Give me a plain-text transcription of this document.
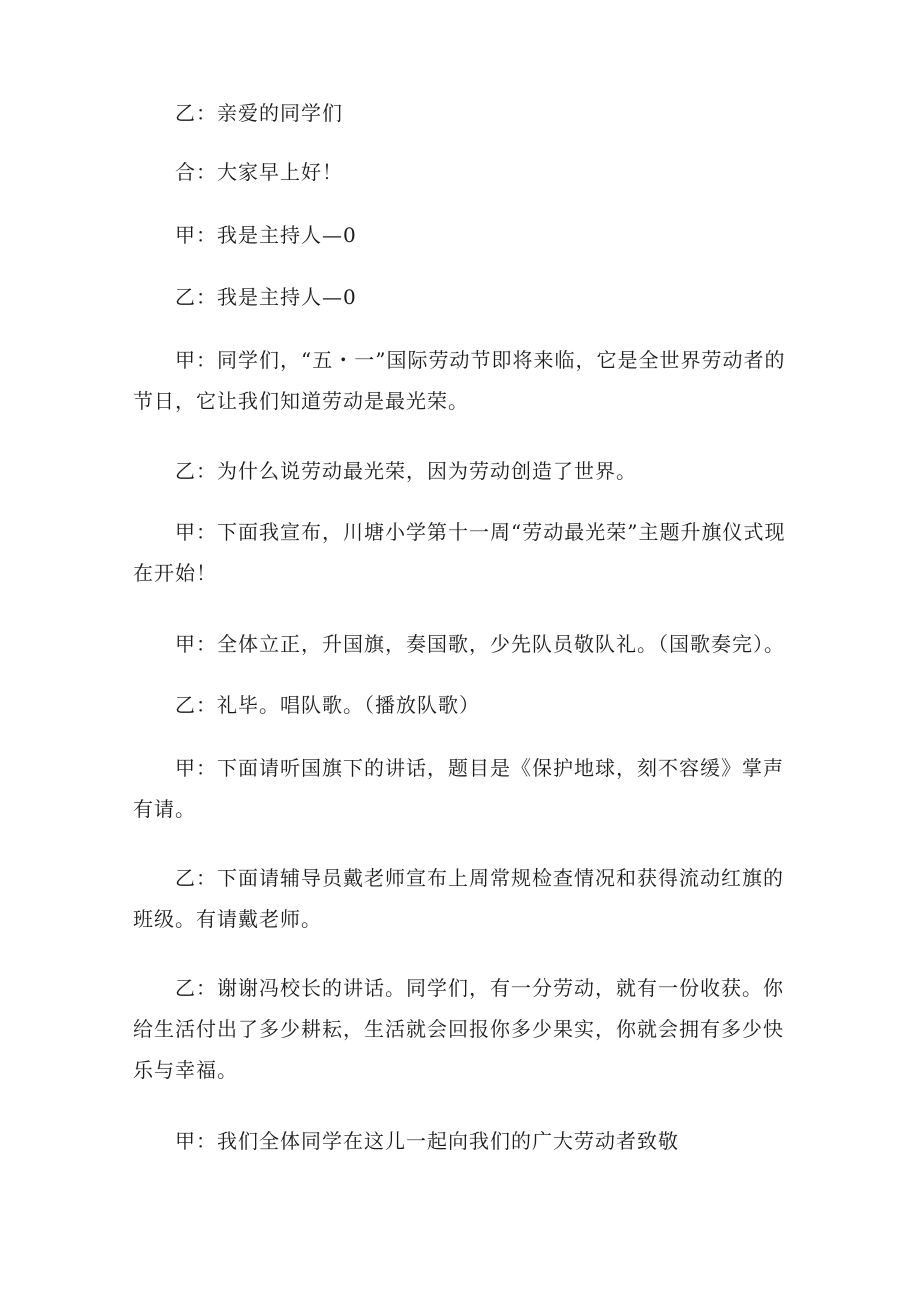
乙：亲爱的同学们

合：大家早上好！

甲：我是主持人—0

乙：我是主持人—0

甲：同学们，“五・一”国际劳动节即将来临，它是全世界劳动者的节日，它让我们知道劳动是最光荣。

乙：为什么说劳动最光荣，因为劳动创造了世界。

甲：下面我宣布，川塘小学第十一周“劳动最光荣”主题升旗仪式现在开始！

甲：全体立正，升国旗，奏国歌，少先队员敬队礼。（国歌奏完）。

乙：礼毕。唱队歌。（播放队歌）

甲：下面请听国旗下的讲话，题目是《保护地球，刻不容缓》掌声有请。

乙：下面请辅导员戴老师宣布上周常规检查情况和获得流动红旗的班级。有请戴老师。

乙：谢谢冯校长的讲话。同学们，有一分劳动，就有一份收获。你给生活付出了多少耕耘，生活就会回报你多少果实，你就会拥有多少快乐与幸福。

甲：我们全体同学在这儿一起向我们的广大劳动者致敬
